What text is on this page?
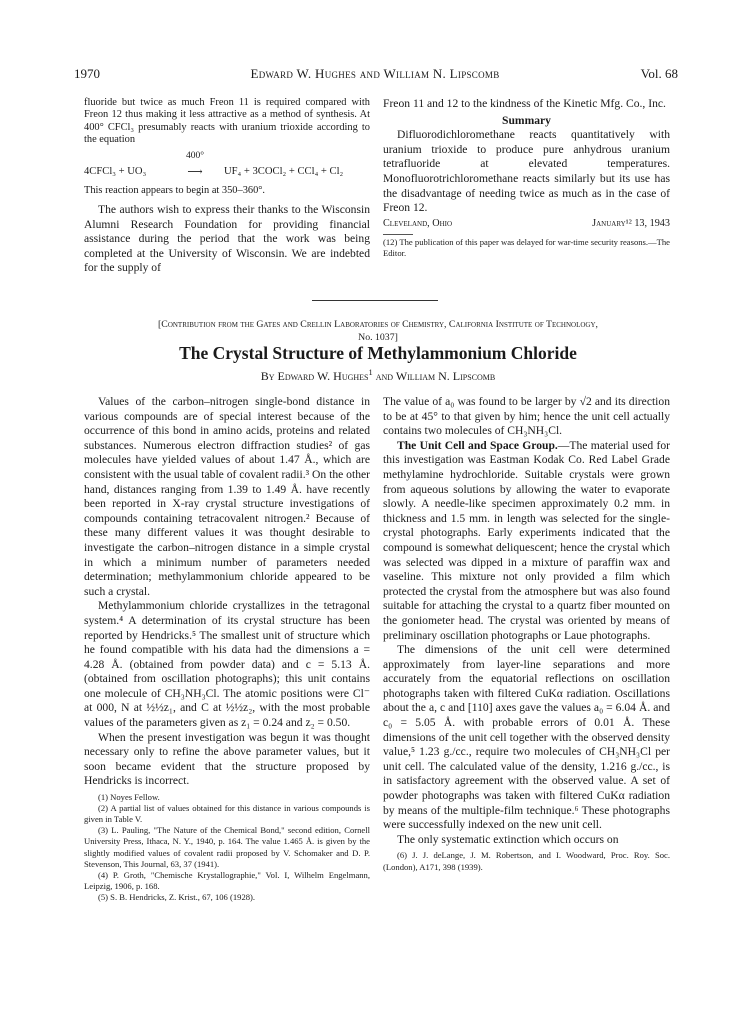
1970	Edward W. Hughes and William N. Lipscomb	Vol. 68

fluoride but twice as much Freon 11 is required compared with Freon 12 thus making it less attractive as a method of synthesis. At 400° CFCl₃ presumably reacts with uranium trioxide according to the equation

4CFCl₃ + UO₃
400°
⟶	UF₄ + 3COCl₂ + CCl₄ + Cl₂

This reaction appears to begin at 350–360°.

The authors wish to express their thanks to the Wisconsin Alumni Research Foundation for providing financial assistance during the period that the work was being completed at the University of Wisconsin. We are indebted for the supply of

Freon 11 and 12 to the kindness of the Kinetic Mfg. Co., Inc.

Summary

Difluorodichloromethane reacts quantitatively with uranium trioxide to produce pure anhydrous uranium tetrafluoride at elevated temperatures. Monofluorotrichloromethane reacts similarly but its use has the disadvantage of needing twice as much as in the case of Freon 12.

Cleveland, Ohio	January¹² 13, 1943

(12) The publication of this paper was delayed for war-time security reasons.—The Editor.

[Contribution from the Gates and Crellin Laboratories of Chemistry, California Institute of Technology,
No. 1037]
The Crystal Structure of Methylammonium Chloride
By Edward W. Hughes$^1$ and William N. Lipscomb

Values of the carbon–nitrogen single-bond distance in various compounds are of special interest because of the occurrence of this bond in amino acids, proteins and related substances. Numerous electron diffraction studies² of gas molecules have yielded values of about 1.47 Å., which are consistent with the usual table of covalent radii.³ On the other hand, distances ranging from 1.39 to 1.49 Å. have recently been reported in X-ray crystal structure investigations of compounds containing tetracovalent nitrogen.² Because of these many different values it was thought desirable to investigate the carbon–nitrogen distance in a simple crystal in which a minimum number of parameters needed determination; methylammonium chloride appeared to be such a crystal.

Methylammonium chloride crystallizes in the tetragonal system.⁴ A determination of its crystal structure has been reported by Hendricks.⁵ The smallest unit of structure which he found compatible with his data had the dimensions a = 4.28 Å. (obtained from powder data) and c = 5.13 Å. (obtained from oscillation photographs); this unit contains one molecule of CH₃NH₃Cl. The atomic positions were Cl⁻ at 000, N at ½½z₁, and C at ½½z₂, with the most probable values of the parameters given as z₁ = 0.24 and z₂ = 0.50.

When the present investigation was begun it was thought necessary only to refine the above parameter values, but it soon became evident that the structure proposed by Hendricks is incorrect.

(1) Noyes Fellow.

(2) A partial list of values obtained for this distance in various compounds is given in Table V.

(3) L. Pauling, "The Nature of the Chemical Bond," second edition, Cornell University Press, Ithaca, N. Y., 1940, p. 164. The value 1.465 Å. is given by the slightly modified values of covalent radii proposed by V. Schomaker and D. P. Stevenson, This Journal, 63, 37 (1941).

(4) P. Groth, "Chemische Krystallographie," Vol. I, Wilhelm Engelmann, Leipzig, 1906, p. 168.

(5) S. B. Hendricks, Z. Krist., 67, 106 (1928).

The value of a₀ was found to be larger by √2 and its direction to be at 45° to that given by him; hence the unit cell actually contains two molecules of CH₃NH₃Cl.

The Unit Cell and Space Group.—The material used for this investigation was Eastman Kodak Co. Red Label Grade methylamine hydrochloride. Suitable crystals were grown from aqueous solutions by allowing the water to evaporate slowly. A needle-like specimen approximately 0.2 mm. in thickness and 1.5 mm. in length was selected for the single-crystal photographs. Early experiments indicated that the compound is somewhat deliquescent; hence the crystal which was selected was dipped in a mixture of paraffin wax and vaseline. This mixture not only provided a film which protected the crystal from the atmosphere but was also found suitable for attaching the crystal to a quartz fiber mounted on the goniometer head. The crystal was oriented by means of preliminary oscillation photographs or Laue photographs.

The dimensions of the unit cell were determined approximately from layer-line separations and more accurately from the equatorial reflections on oscillation photographs taken with filtered CuKα radiation. Oscillations about the a, c and [110] axes gave the values a₀ = 6.04 Å. and c₀ = 5.05 Å. with probable errors of 0.01 Å. These dimensions of the unit cell together with the observed density value,⁵ 1.23 g./cc., require two molecules of CH₃NH₃Cl per unit cell. The calculated value of the density, 1.216 g./cc., is in satisfactory agreement with the observed value. A set of powder photographs was taken with filtered CuKα radiation by means of the multiple-film technique.⁶ These photographs were successfully indexed on the new unit cell.

The only systematic extinction which occurs on

(6) J. J. deLange, J. M. Robertson, and I. Woodward, Proc. Roy. Soc. (London), A171, 398 (1939).
